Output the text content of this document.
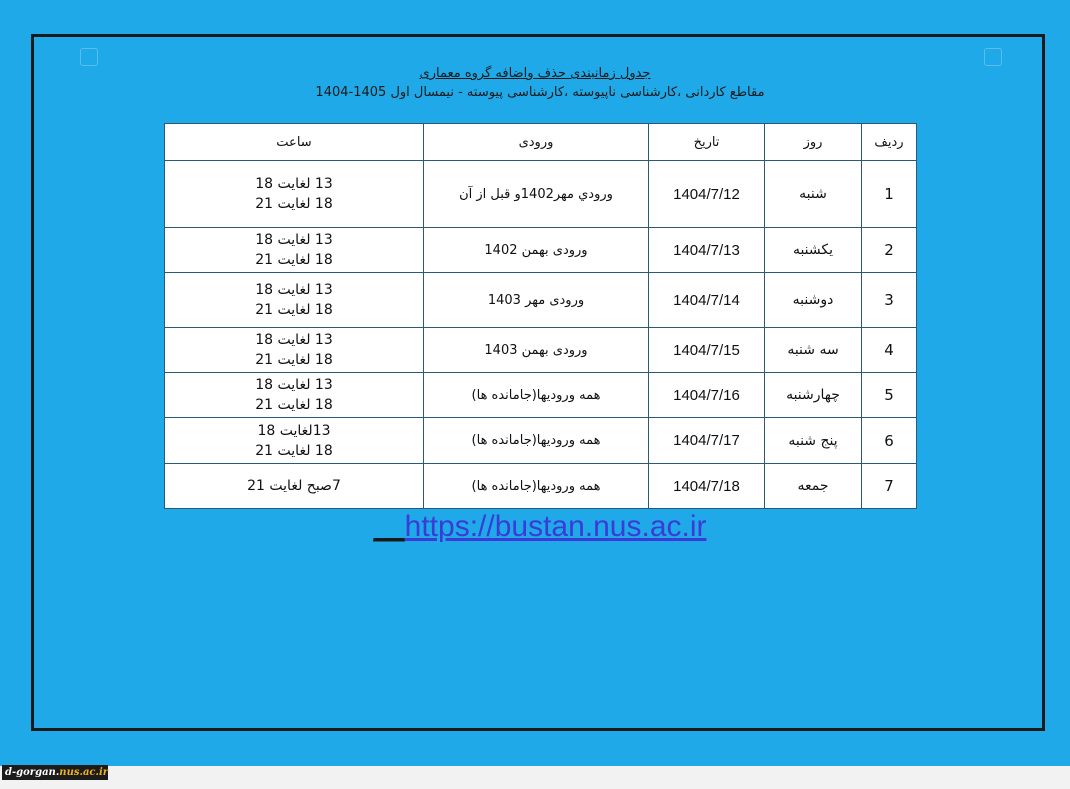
جدول زمانبندی حذف واضافه گروه معماری
مقاطع کاردانی ،کارشناسی ناپیوسته ،کارشناسی پیوسته - نیمسال اول 1405-1404
ردیف	روز	تاریخ	ورودی	ساعت
1	شنبه	1404/7/12	ورودي مهر1402و قبل از آن	13 لغایت 18
18 لغایت 21

2	یکشنبه	1404/7/13	ورودی بهمن 1402	13 لغایت 18
18 لغایت 21

3	دوشنبه	1404/7/14	ورودی مهر 1403	13 لغایت 18
18 لغایت 21

4	سه شنبه	1404/7/15	ورودی بهمن 1403	13 لغایت 18
18 لغایت 21

5	چهارشنبه	1404/7/16	همه ورودیها(جامانده ها)	13 لغایت 18
18 لغایت 21

6	پنج شنبه	1404/7/17	همه ورودیها(جامانده ها)	13لغایت 18
18 لغایت 21

7	جمعه	1404/7/18	همه ورودیها(جامانده ها)	7صبح لغایت 21
__https://bustan.nus.ac.ir
d-gorgan.nus.ac.ir
